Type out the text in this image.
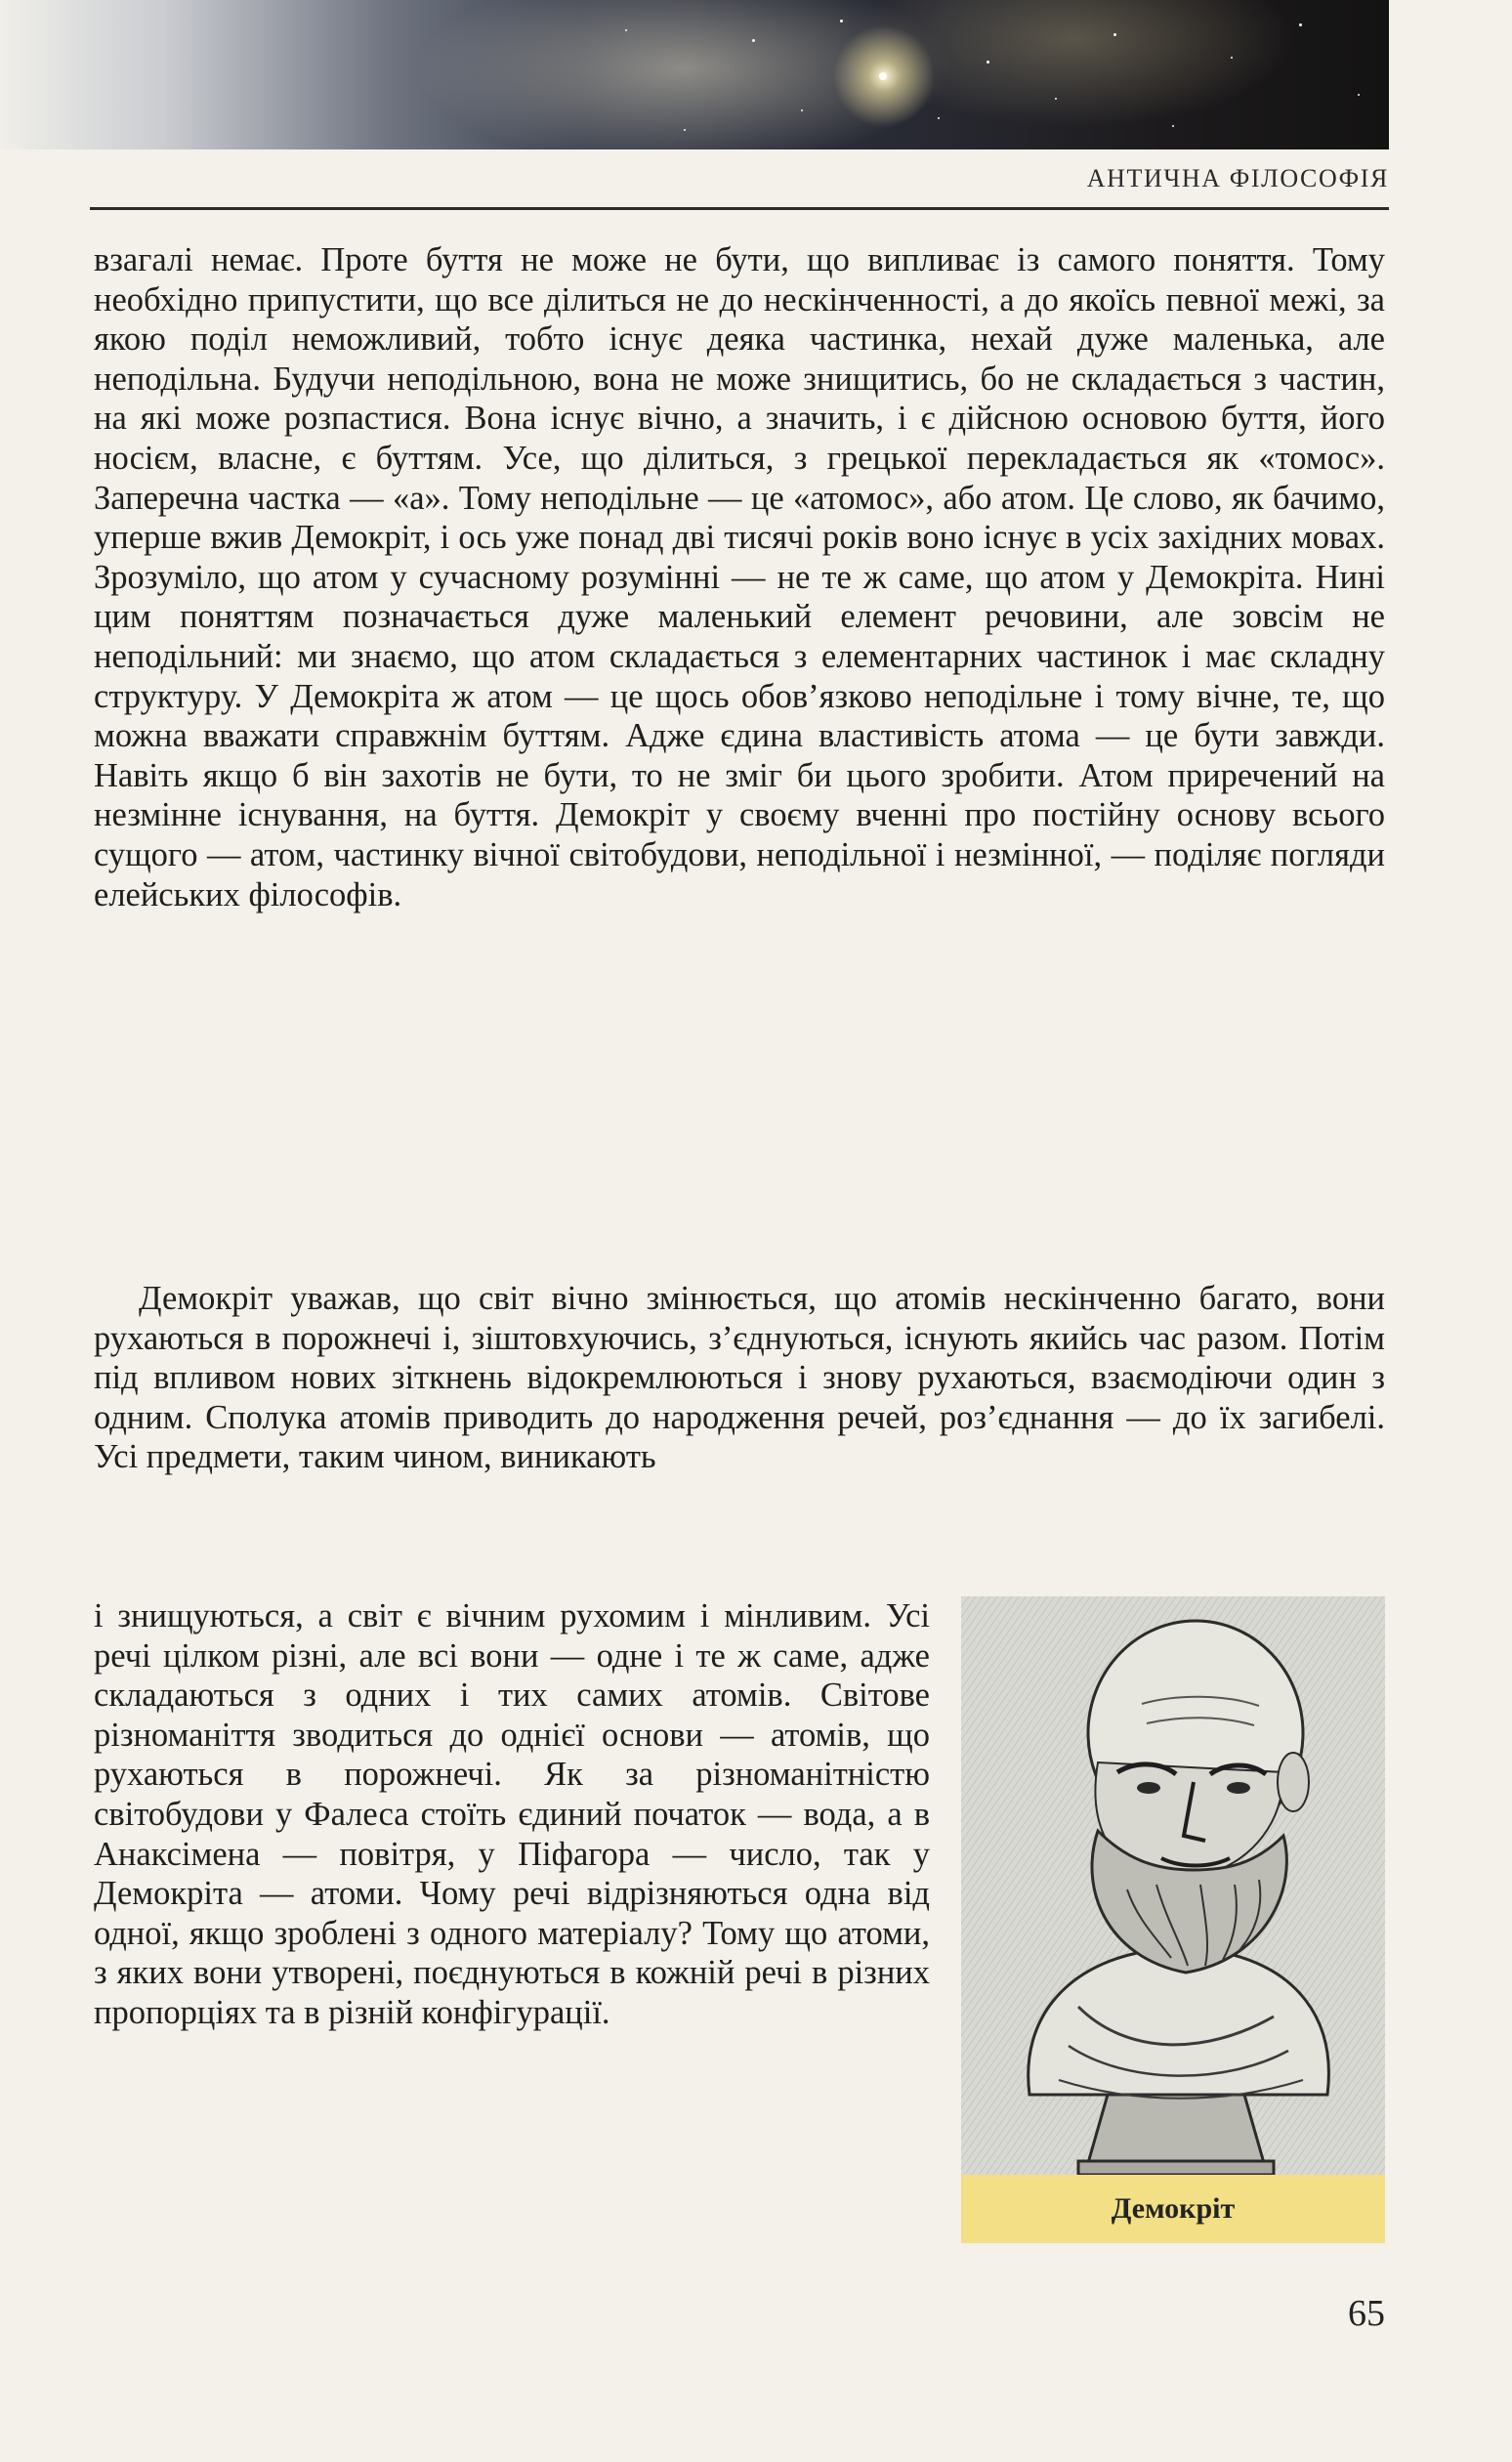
АНТИЧНА ФІЛОСОФІЯ

взагалі немає. Проте буття не може не бути, що випливає із самого поняття. Тому необхідно припустити, що все ділиться не до нескінченності, а до якоїсь певної межі, за якою поділ неможливий, тобто існує деяка частинка, нехай дуже маленька, але неподільна. Будучи неподільною, вона не може знищитись, бо не складається з частин, на які може розпастися. Вона існує вічно, а значить, і є дійсною основою буття, його носієм, власне, є буттям. Усе, що ділиться, з грецької перекладається як «томос». Заперечна частка — «а». Тому неподільне — це «атомос», або атом. Це слово, як бачимо, уперше вжив Демокріт, і ось уже понад дві тисячі років воно існує в усіх західних мовах. Зрозуміло, що атом у сучасному розумінні — не те ж саме, що атом у Демокріта. Нині цим поняттям позначається дуже маленький елемент речовини, але зовсім не неподільний: ми знаємо, що атом складається з елементарних частинок і має складну структуру. У Демокріта ж атом — це щось обов’язково неподільне і тому вічне, те, що можна вважати справжнім буттям. Адже єдина властивість атома — це бути завжди. Навіть якщо б він захотів не бути, то не зміг би цього зробити. Атом приречений на незмінне існування, на буття. Демокріт у своєму вченні про постійну основу всього сущого — атом, частинку вічної світобудови, неподільної і незмінної, — поділяє погляди елейських філософів.

Демокріт уважав, що світ вічно змінюється, що атомів нескінченно багато, вони рухаються в порожнечі і, зіштовхуючись, з’єднуються, існують якийсь час разом. Потім під впливом нових зіткнень відокремлюються і знову рухаються, взаємодіючи один з одним. Сполука атомів приводить до народження речей, роз’єднання — до їх загибелі. Усі предмети, таким чином, виникають

і знищуються, а світ є вічним рухомим і мінливим. Усі речі цілком різні, але всі вони — одне і те ж саме, адже складаються з одних і тих самих атомів. Світове різноманіття зводиться до однієї основи — атомів, що рухаються в порожнечі. Як за різноманітністю світобудови у Фалеса стоїть єдиний початок — вода, а в Анаксімена — повітря, у Піфагора — число, так у Демокріта — атоми. Чому речі відрізняються одна від одної, якщо зроблені з одного матеріалу? Тому що атоми, з яких вони утворені, поєднуються в кожній речі в різних пропорціях та в різній конфігурації.

Демокріт
65
